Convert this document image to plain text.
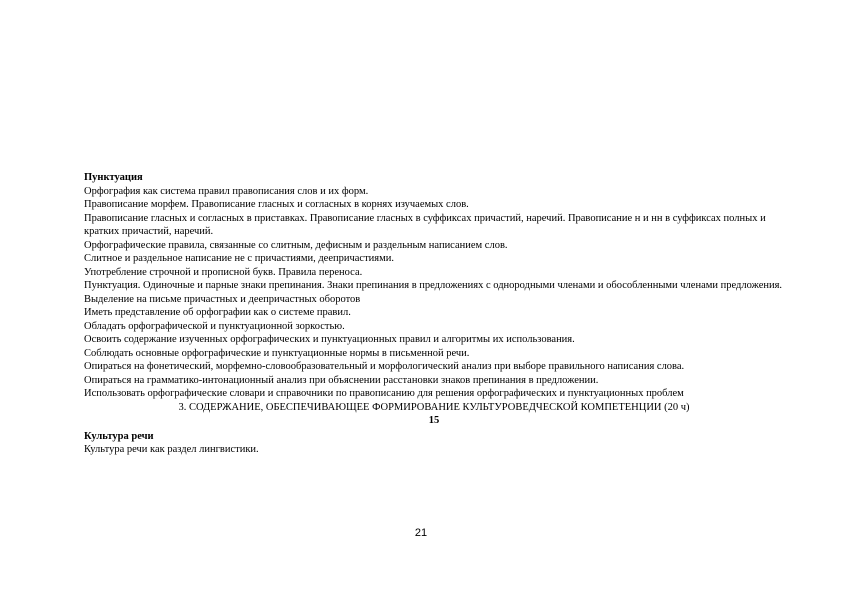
Пунктуация
Орфография как система правил правописания слов и их форм.
Правописание морфем. Правописание гласных и согласных в корнях изучаемых слов.
Правописание гласных и согласных в приставках. Правописание гласных в суффиксах причастий, наречий. Правописание н и нн в суффиксах полных и кратких причастий, наречий.
Орфографические правила, связанные со слитным, дефисным и раздельным написанием слов.
Слитное и раздельное написание не с причастиями, деепричастиями.
Употребление строчной и прописной букв. Правила переноса.
Пунктуация. Одиночные и парные знаки препинания. Знаки препинания в предложениях с однородными членами и обособленными членами предложения.
Выделение на письме причастных и деепричастных оборотов
Иметь представление об орфографии как о системе правил.
Обладать орфографической и пунктуационной зоркостью.
Освоить содержание изученных орфографических и пунктуационных правил и алгоритмы их использования.
Соблюдать основные орфографические и пунктуационные нормы в письменной речи.
Опираться на фонетический, морфемно-словообразовательный и морфологический анализ при выборе правильного написания слова.
Опираться на грамматико-интонационный анализ при объяснении расстановки знаков препинания в предложении.
Использовать орфографические словари и справочники по правописанию для решения орфографических и пунктуационных проблем
3. СОДЕРЖАНИЕ, ОБЕСПЕЧИВАЮЩЕЕ ФОРМИРОВАНИЕ КУЛЬТУРОВЕДЧЕСКОЙ КОМПЕТЕНЦИИ (20 ч)
15
Культура речи
Культура речи как раздел лингвистики.
21
